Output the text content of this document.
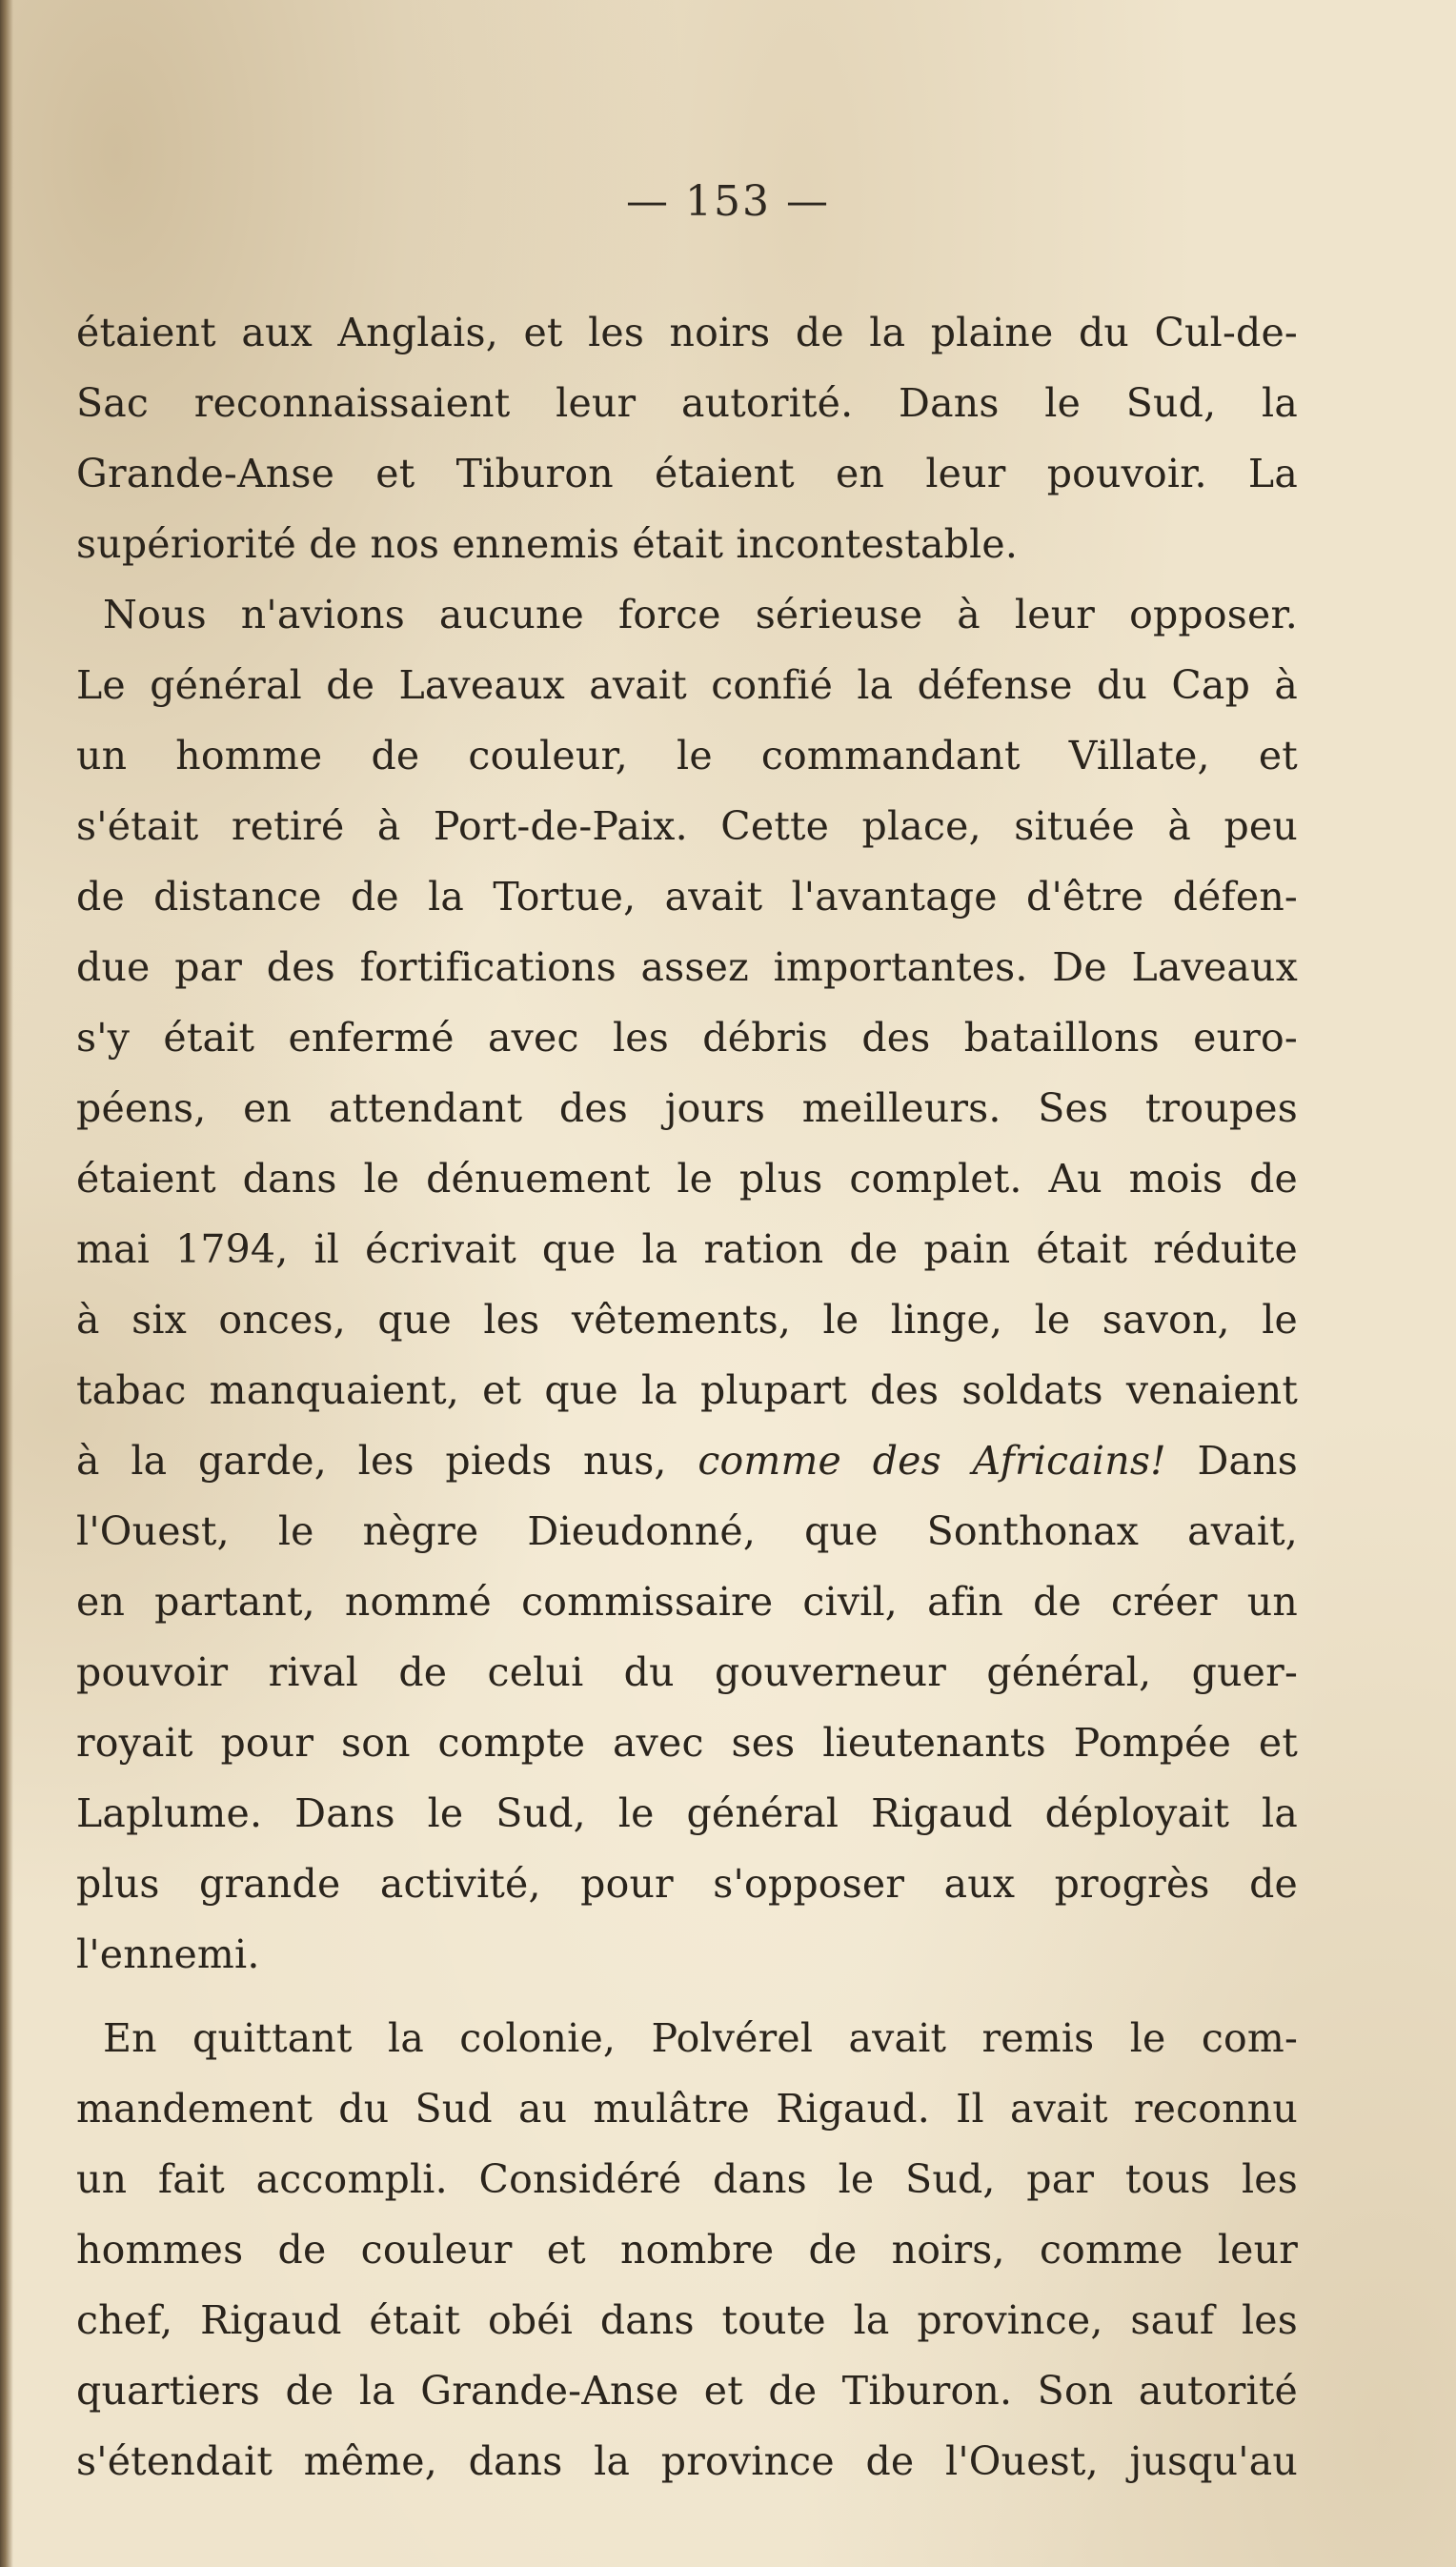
— 153 —
étaient aux Anglais, et les noirs de la plaine du Cul-de-
Sac reconnaissaient leur autorité. Dans le Sud, la
Grande-Anse et Tiburon étaient en leur pouvoir. La
supériorité de nos ennemis était incontestable.
Nous n'avions aucune force sérieuse à leur opposer.
Le général de Laveaux avait confié la défense du Cap à
un homme de couleur, le commandant Villate, et
s'était retiré à Port-de-Paix. Cette place, située à peu
de distance de la Tortue, avait l'avantage d'être défen-
due par des fortifications assez importantes. De Laveaux
s'y était enfermé avec les débris des bataillons euro-
péens, en attendant des jours meilleurs. Ses troupes
étaient dans le dénuement le plus complet. Au mois de
mai 1794, il écrivait que la ration de pain était réduite
à six onces, que les vêtements, le linge, le savon, le
tabac manquaient, et que la plupart des soldats venaient
à la garde, les pieds nus, comme des Africains! Dans
l'Ouest, le nègre Dieudonné, que Sonthonax avait,
en partant, nommé commissaire civil, afin de créer un
pouvoir rival de celui du gouverneur général, guer-
royait pour son compte avec ses lieutenants Pompée et
Laplume. Dans le Sud, le général Rigaud déployait la
plus grande activité, pour s'opposer aux progrès de
l'ennemi.
En quittant la colonie, Polvérel avait remis le com-
mandement du Sud au mulâtre Rigaud. Il avait reconnu
un fait accompli. Considéré dans le Sud, par tous les
hommes de couleur et nombre de noirs, comme leur
chef, Rigaud était obéi dans toute la province, sauf les
quartiers de la Grande-Anse et de Tiburon. Son autorité
s'étendait même, dans la province de l'Ouest, jusqu'au
